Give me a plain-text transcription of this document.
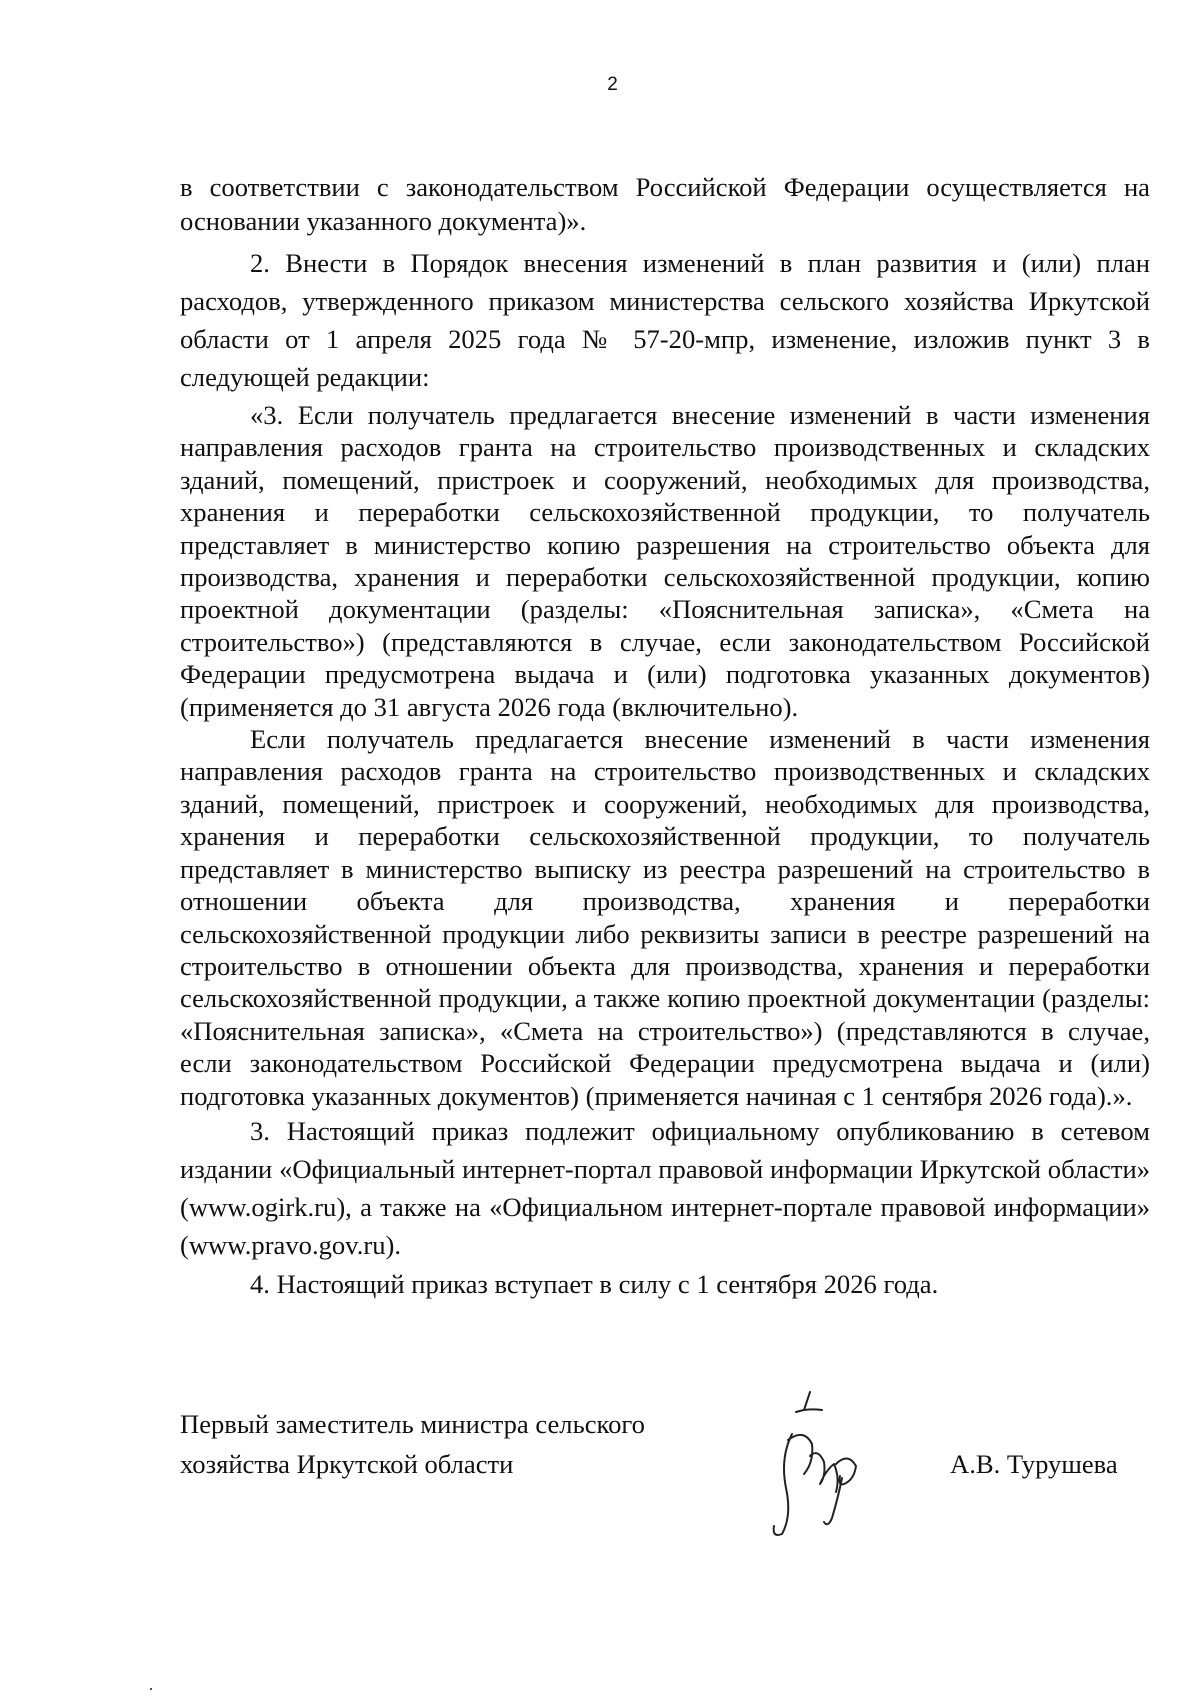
2

в соответствии с законодательством Российской Федерации осуществляется на основании указанного документа)».

2. Внести в Порядок внесения изменений в план развития и (или) план расходов, утвержденного приказом министерства сельского хозяйства Иркутской области от 1 апреля 2025 года № 57-20-мпр, изменение, изложив пункт 3 в следующей редакции:

«3. Если получатель предлагается внесение изменений в части изменения направления расходов гранта на строительство производственных и складских зданий, помещений, пристроек и сооружений, необходимых для производства, хранения и переработки сельскохозяйственной продукции, то получатель представляет в министерство копию разрешения на строительство объекта для производства, хранения и переработки сельскохозяйственной продукции, копию проектной документации (разделы: «Пояснительная записка», «Смета на строительство») (представляются в случае, если законодательством Российской Федерации предусмотрена выдача и (или) подготовка указанных документов) (применяется до 31 августа 2026 года (включительно).

Если получатель предлагается внесение изменений в части изменения направления расходов гранта на строительство производственных и складских зданий, помещений, пристроек и сооружений, необходимых для производства, хранения и переработки сельскохозяйственной продукции, то получатель представляет в министерство выписку из реестра разрешений на строительство в отношении объекта для производства, хранения и переработки сельскохозяйственной продукции либо реквизиты записи в реестре разрешений на строительство в отношении объекта для производства, хранения и переработки сельскохозяйственной продукции, а также копию проектной документации (разделы: «Пояснительная записка», «Смета на строительство») (представляются в случае, если законодательством Российской Федерации предусмотрена выдача и (или) подготовка указанных документов) (применяется начиная с 1 сентября 2026 года).».

3. Настоящий приказ подлежит официальному опубликованию в сетевом издании «Официальный интернет-портал правовой информации Иркутской области» (www.ogirk.ru), а также на «Официальном интернет-портале правовой информации» (www.pravo.gov.ru).

4. Настоящий приказ вступает в силу с 1 сентября 2026 года.

Первый заместитель министра сельского
хозяйства Иркутской области	А.В. Турушева
